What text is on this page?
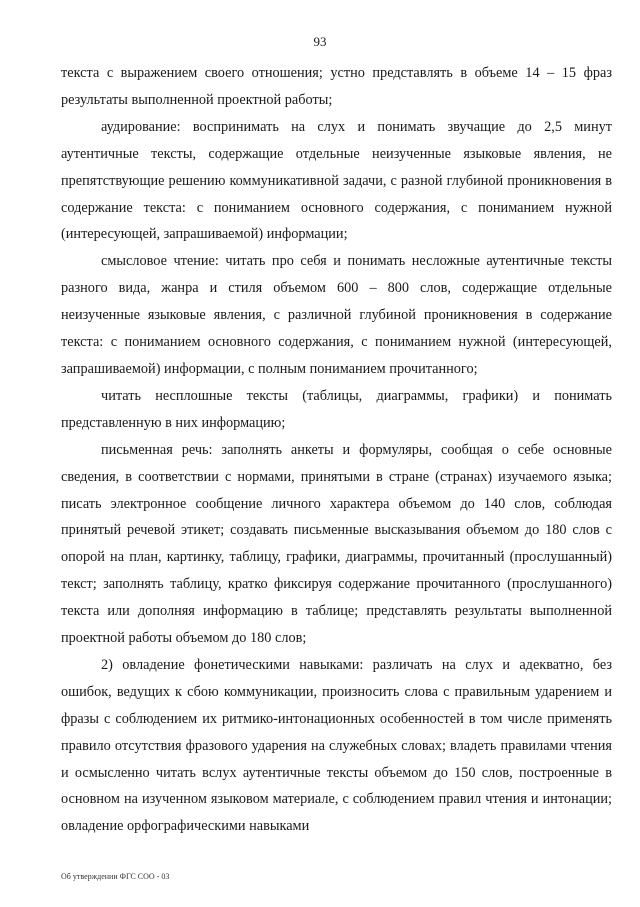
93

текста с выражением своего отношения; устно представлять в объеме 14 – 15 фраз результаты выполненной проектной работы;

аудирование: воспринимать на слух и понимать звучащие до 2,5 минут аутентичные тексты, содержащие отдельные неизученные языковые явления, не препятствующие решению коммуникативной задачи, с разной глубиной проникновения в содержание текста: с пониманием основного содержания, с пониманием нужной (интересующей, запрашиваемой) информации;

смысловое чтение: читать про себя и понимать несложные аутентичные тексты разного вида, жанра и стиля объемом 600 – 800 слов, содержащие отдельные неизученные языковые явления, с различной глубиной проникновения в содержание текста: с пониманием основного содержания, с пониманием нужной (интересующей, запрашиваемой) информации, с полным пониманием прочитанного;

читать несплошные тексты (таблицы, диаграммы, графики) и понимать представленную в них информацию;

письменная речь: заполнять анкеты и формуляры, сообщая о себе основные сведения, в соответствии с нормами, принятыми в стране (странах) изучаемого языка; писать электронное сообщение личного характера объемом до 140 слов, соблюдая принятый речевой этикет; создавать письменные высказывания объемом до 180 слов с опорой на план, картинку, таблицу, графики, диаграммы, прочитанный (прослушанный) текст; заполнять таблицу, кратко фиксируя содержание прочитанного (прослушанного) текста или дополняя информацию в таблице; представлять результаты выполненной проектной работы объемом до 180 слов;

2) овладение фонетическими навыками: различать на слух и адекватно, без ошибок, ведущих к сбою коммуникации, произносить слова с правильным ударением и фразы с соблюдением их ритмико-интонационных особенностей в том числе применять правило отсутствия фразового ударения на служебных словах; владеть правилами чтения и осмысленно читать вслух аутентичные тексты объемом до 150 слов, построенные в основном на изученном языковом материале, с соблюдением правил чтения и интонации; овладение орфографическими навыками

Об утверждении ФГС СОО - 03
